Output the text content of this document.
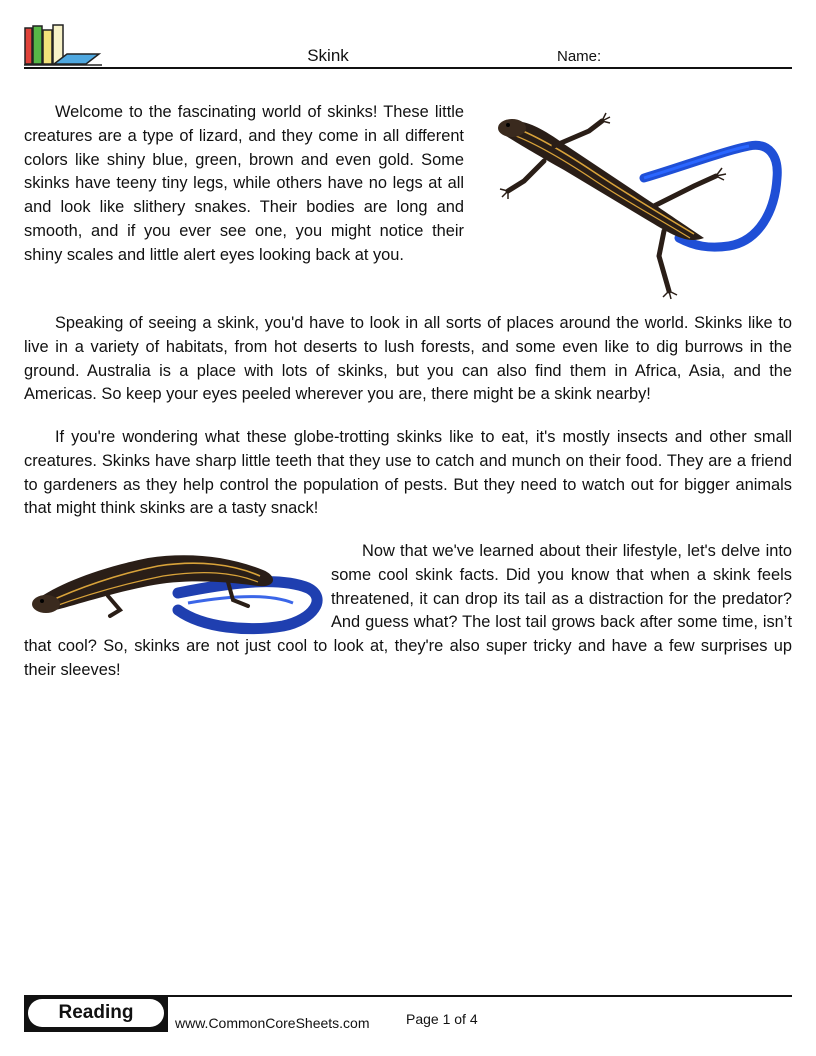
Skink	Name:

Welcome to the fascinating world of skinks! These little creatures are a type of lizard, and they come in all different colors like shiny blue, green, brown and even gold. Some skinks have teeny tiny legs, while others have no legs at all and look like slithery snakes. Their bodies are long and smooth, and if you ever see one, you might notice their shiny scales and little alert eyes looking back at you.

Speaking of seeing a skink, you'd have to look in all sorts of places around the world. Skinks like to live in a variety of habitats, from hot deserts to lush forests, and some even like to dig burrows in the ground. Australia is a place with lots of skinks, but you can also find them in Africa, Asia, and the Americas. So keep your eyes peeled wherever you are, there might be a skink nearby!

If you're wondering what these globe-trotting skinks like to eat, it's mostly insects and other small creatures. Skinks have sharp little teeth that they use to catch and munch on their food. They are a friend to gardeners as they help control the population of pests. But they need to watch out for bigger animals that might think skinks are a tasty snack!

Now that we've learned about their lifestyle, let's delve into some cool skink facts. Did you know that when a skink feels threatened, it can drop its tail as a distraction for the predator? And guess what? The lost tail grows back after some time, isn’t that cool? So, skinks are not just cool to look at, they're also super tricky and have a few surprises up their sleeves!

Reading	www.CommonCoreSheets.com	Page 1 of 4
